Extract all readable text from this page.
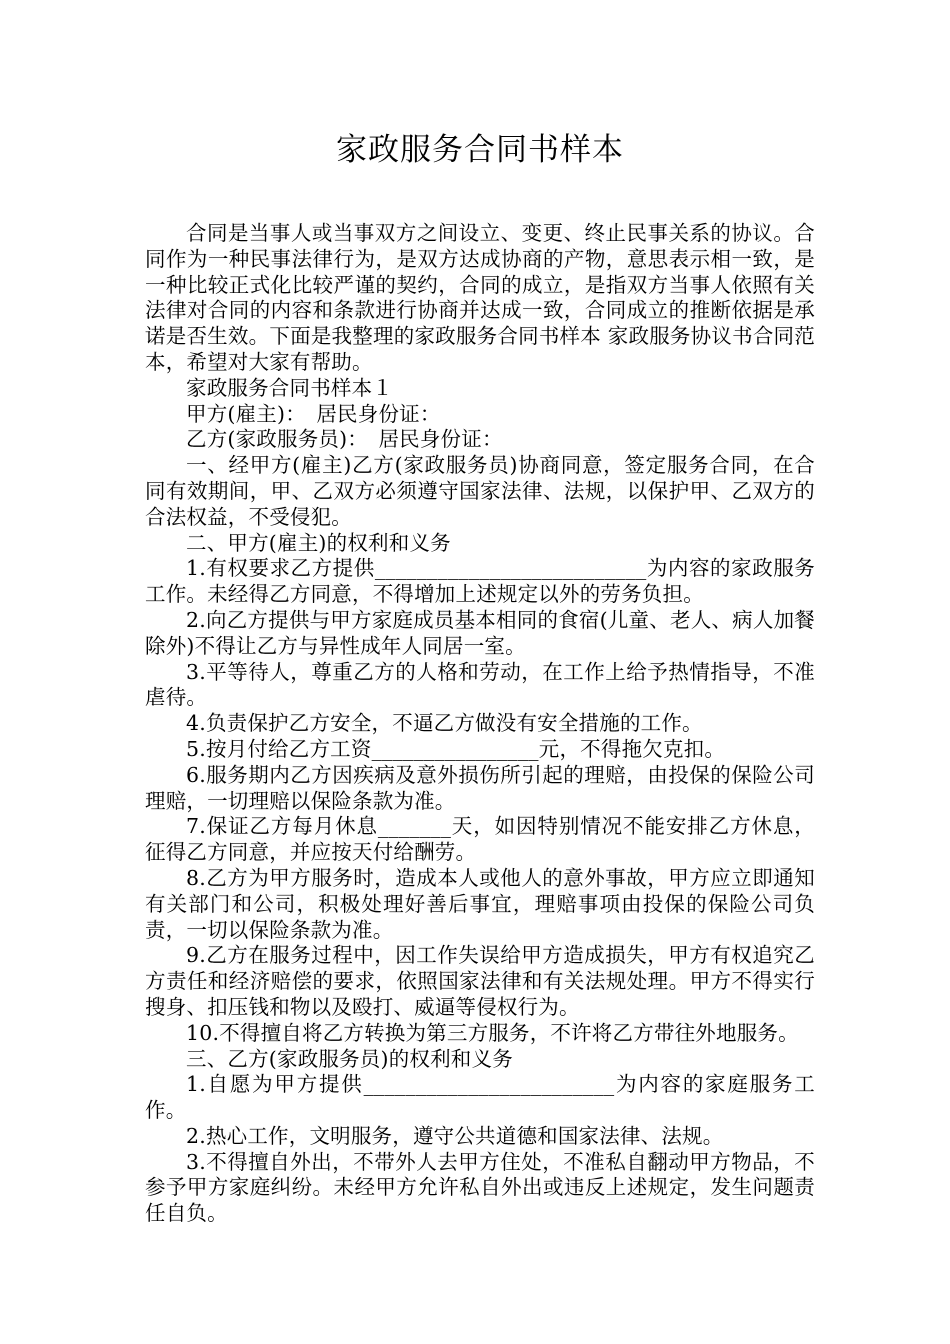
家政服务合同书样本

合同是当事人或当事双方之间设立、变更、终止民事关系的协议。合同作为一种民事法律行为，是双方达成协商的产物，意思表示相一致，是一种比较正式化比较严谨的契约，合同的成立，是指双方当事人依照有关法律对合同的内容和条款进行协商并达成一致，合同成立的推断依据是承诺是否生效。下面是我整理的家政服务合同书样本 家政服务协议书合同范本，希望对大家有帮助。

家政服务合同书样本１

甲方(雇主)：　居民身份证：

乙方(家政服务员)：　居民身份证：

一、经甲方(雇主)乙方(家政服务员)协商同意，签定服务合同，在合同有效期间，甲、乙双方必须遵守国家法律、法规，以保护甲、乙双方的合法权益，不受侵犯。

二、甲方(雇主)的权利和义务

1.有权要求乙方提供__________________________为内容的家政服务工作。未经得乙方同意，不得增加上述规定以外的劳务负担。

2.向乙方提供与甲方家庭成员基本相同的食宿(儿童、老人、病人加餐除外)不得让乙方与异性成年人同居一室。

3.平等待人，尊重乙方的人格和劳动，在工作上给予热情指导，不准虐待。

4.负责保护乙方安全，不逼乙方做没有安全措施的工作。

5.按月付给乙方工资________________元，不得拖欠克扣。

6.服务期内乙方因疾病及意外损伤所引起的理赔，由投保的保险公司理赔，一切理赔以保险条款为准。

7.保证乙方每月休息_______天，如因特别情况不能安排乙方休息，征得乙方同意，并应按天付给酬劳。

8.乙方为甲方服务时，造成本人或他人的意外事故，甲方应立即通知有关部门和公司，积极处理好善后事宜，理赔事项由投保的保险公司负责，一切以保险条款为准。

9.乙方在服务过程中，因工作失误给甲方造成损失，甲方有权追究乙方责任和经济赔偿的要求，依照国家法律和有关法规处理。甲方不得实行搜身、扣压钱和物以及殴打、威逼等侵权行为。

10.不得擅自将乙方转换为第三方服务，不许将乙方带往外地服务。

三、乙方(家政服务员)的权利和义务

1.自愿为甲方提供________________________为内容的家庭服务工作。

2.热心工作，文明服务，遵守公共道德和国家法律、法规。

3.不得擅自外出，不带外人去甲方住处，不准私自翻动甲方物品，不参予甲方家庭纠纷。未经甲方允许私自外出或违反上述规定，发生问题责任自负。
